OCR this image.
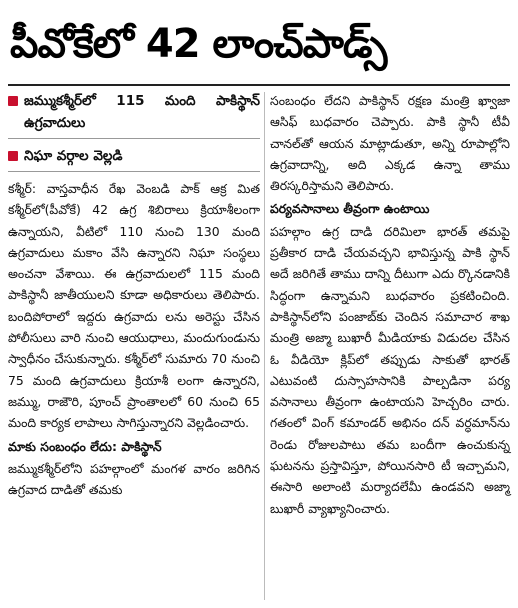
పీవోకేలో 42 లాంచ్‌పాడ్స్
జమ్ముకశ్మీర్‌లో 115 మంది పాకిస్థాన్ ఉగ్రవాదులు
నిఘా వర్గాల వెల్లడి

కశ్మీర్: వాస్తవాధీన రేఖ వెంబడి పాక్ ఆక్ర మిత కశ్మీర్‌లో(పీవోకే) 42 ఉగ్ర శిబిరాలు క్రియాశీలంగా ఉన్నాయని, వీటిలో 110 నుంచి 130 మంది ఉగ్రవాదులు మకాం వేసి ఉన్నారని నిఘా సంస్థలు అంచనా వేశాయి. ఈ ఉగ్రవాదులలో 115 మంది పాకిస్థానీ జాతీయులని కూడా అధికారులు తెలిపారు. బందిపోరాలో ఇద్దరు ఉగ్రవాదు లను అరెస్టు చేసిన పోలీసులు వారి నుంచి ఆయుధాలు, మందుగుండును స్వాధీనం చేసుకున్నారు. కశ్మీర్‌లో సుమారు 70 నుంచి 75 మంది ఉగ్రవాదులు క్రియాశీ లంగా ఉన్నారని, జమ్ము, రాజౌరి, పూంచ్ ప్రాంతాలలో 60 నుంచి 65 మంది కార్యక లాపాలు సాగిస్తున్నారని వెల్లడించారు.

మాకు సంబంధం లేదు: పాకిస్థాన్

జమ్ముకశ్మీర్‌లోని పహల్గాంలో మంగళ వారం జరిగిన ఉగ్రవాద దాడితో తమకు

సంబంధం లేదని పాకిస్థాన్ రక్షణ మంత్రి ఖ్వాజా ఆసిఫ్ బుధవారం చెప్పారు. పాకి స్థానీ టీవీ చానల్‌తో ఆయన మాట్లాడుతూ, అన్ని రూపాల్లోని ఉగ్రవాదాన్ని, అది ఎక్కడ ఉన్నా తాము తిరస్కరిస్తామని తెలిపారు.

పర్యవసానాలు తీవ్రంగా ఉంటాయి

పహల్గాం ఉగ్ర దాడి దరిమిలా భారత్ తమపై ప్రతీకార దాడి చేయవచ్చని భావిస్తున్న పాకి స్థాన్ అదే జరిగితే తాము దాన్ని దీటుగా ఎదు ర్కొనడానికి సిద్ధంగా ఉన్నామని బుధవారం ప్రకటించింది. పాకిస్థాన్‌లోని పంజాబ్‌కు చెందిన సమాచార శాఖ మంత్రి అజ్మా బుఖారీ మీడియాకు విడుదల చేసిన ఓ వీడియో క్లిప్‌లో తప్పుడు సాకుతో భారత్ ఎటువంటి దుస్సాహసానికి పాల్పడినా పర్య వసానాలు తీవ్రంగా ఉంటాయని హెచ్చరిం చారు. గతంలో వింగ్ కమాండర్ అభినం దన్ వర్ధమాన్‌ను రెండు రోజులపాటు తమ బందీగా ఉంచుకున్న ఘటనను ప్రస్తావిస్తూ, పోయినసారి టీ ఇచ్చామని, ఈసారి అలాంటి మర్యాదలేమీ ఉండవని అజ్మా బుఖారీ వ్యాఖ్యానించారు.
